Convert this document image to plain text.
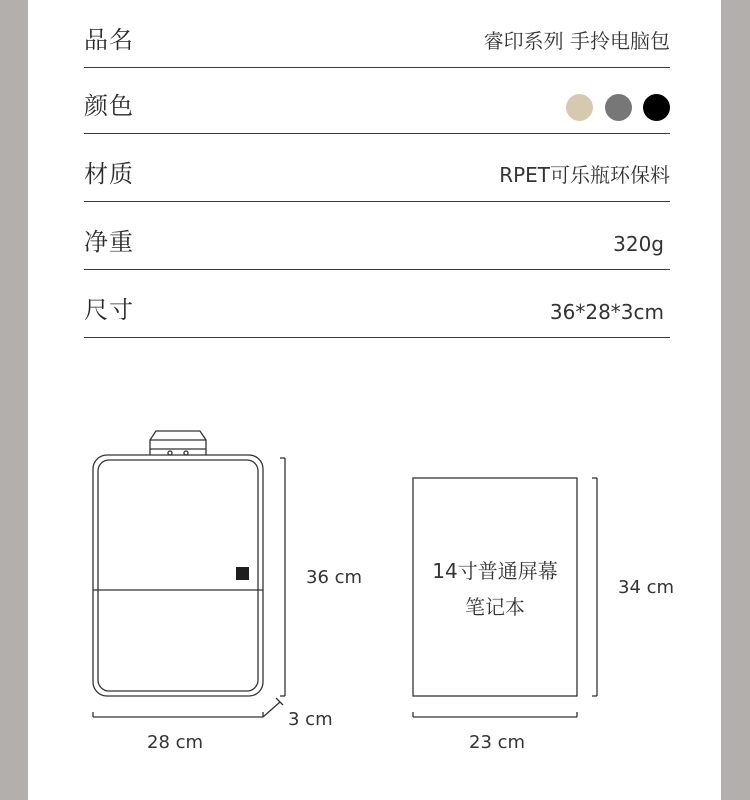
品名	睿印系列 手拎电脑包
颜色
材质	RPET可乐瓶环保料
净重	320g
尺寸	36*28*3cm
36 cm
28 cm
3 cm
34 cm
23 cm
14寸普通屏幕
笔记本
